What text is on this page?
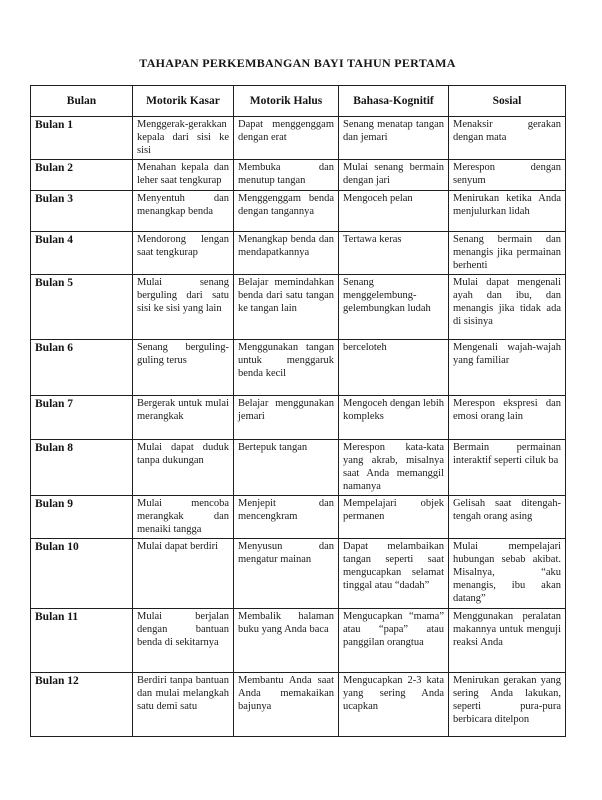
TAHAPAN PERKEMBANGAN BAYI TAHUN PERTAMA
Bulan	Motorik Kasar	Motorik Halus	Bahasa-Kognitif	Sosial
Bulan 1	Menggerak-gerakkan kepala dari sisi ke sisi	Dapat menggenggam dengan erat	Senang menatap tangan dan jemari	Menaksir gerakan dengan mata
Bulan 2	Menahan kepala dan leher saat tengkurap	Membuka dan menutup tangan	Mulai senang bermain dengan jari	Merespon dengan senyum
Bulan 3	Menyentuh dan menangkap benda	Menggenggam benda dengan tangannya	Mengoceh pelan	Menirukan ketika Anda menjulurkan lidah
Bulan 4	Mendorong lengan saat tengkurap	Menangkap benda dan mendapatkannya	Tertawa keras	Senang bermain dan menangis jika permainan berhenti
Bulan 5	Mulai senang berguling dari satu sisi ke sisi yang lain	Belajar memindahkan benda dari satu tangan ke tangan lain	Senang menggelembung-gelembungkan ludah	Mulai dapat mengenali ayah dan ibu, dan menangis jika tidak ada di sisinya
Bulan 6	Senang berguling-guling terus	Menggunakan tangan untuk menggaruk benda kecil	berceloteh	Mengenali wajah-wajah yang familiar
Bulan 7	Bergerak untuk mulai merangkak	Belajar menggunakan jemari	Mengoceh dengan lebih kompleks	Merespon ekspresi dan emosi orang lain
Bulan 8	Mulai dapat duduk tanpa dukungan	Bertepuk tangan	Merespon kata-kata yang akrab, misalnya saat Anda memanggil namanya	Bermain permainan interaktif seperti ciluk ba
Bulan 9	Mulai mencoba merangkak dan menaiki tangga	Menjepit dan mencengkram	Mempelajari objek permanen	Gelisah saat ditengah-tengah orang asing
Bulan 10	Mulai dapat berdiri	Menyusun dan mengatur mainan	Dapat melambaikan tangan seperti saat mengucapkan selamat tinggal atau “dadah”	Mulai mempelajari hubungan sebab akibat. Misalnya, “aku menangis, ibu akan datang”
Bulan 11	Mulai berjalan dengan bantuan benda di sekitarnya	Membalik halaman buku yang Anda baca	Mengucapkan “mama” atau “papa” atau panggilan orangtua	Menggunakan peralatan makannya untuk menguji reaksi Anda
Bulan 12	Berdiri tanpa bantuan dan mulai melangkah satu demi satu	Membantu Anda saat Anda memakaikan bajunya	Mengucapkan 2-3 kata yang sering Anda ucapkan	Menirukan gerakan yang sering Anda lakukan, seperti pura-pura berbicara ditelpon
